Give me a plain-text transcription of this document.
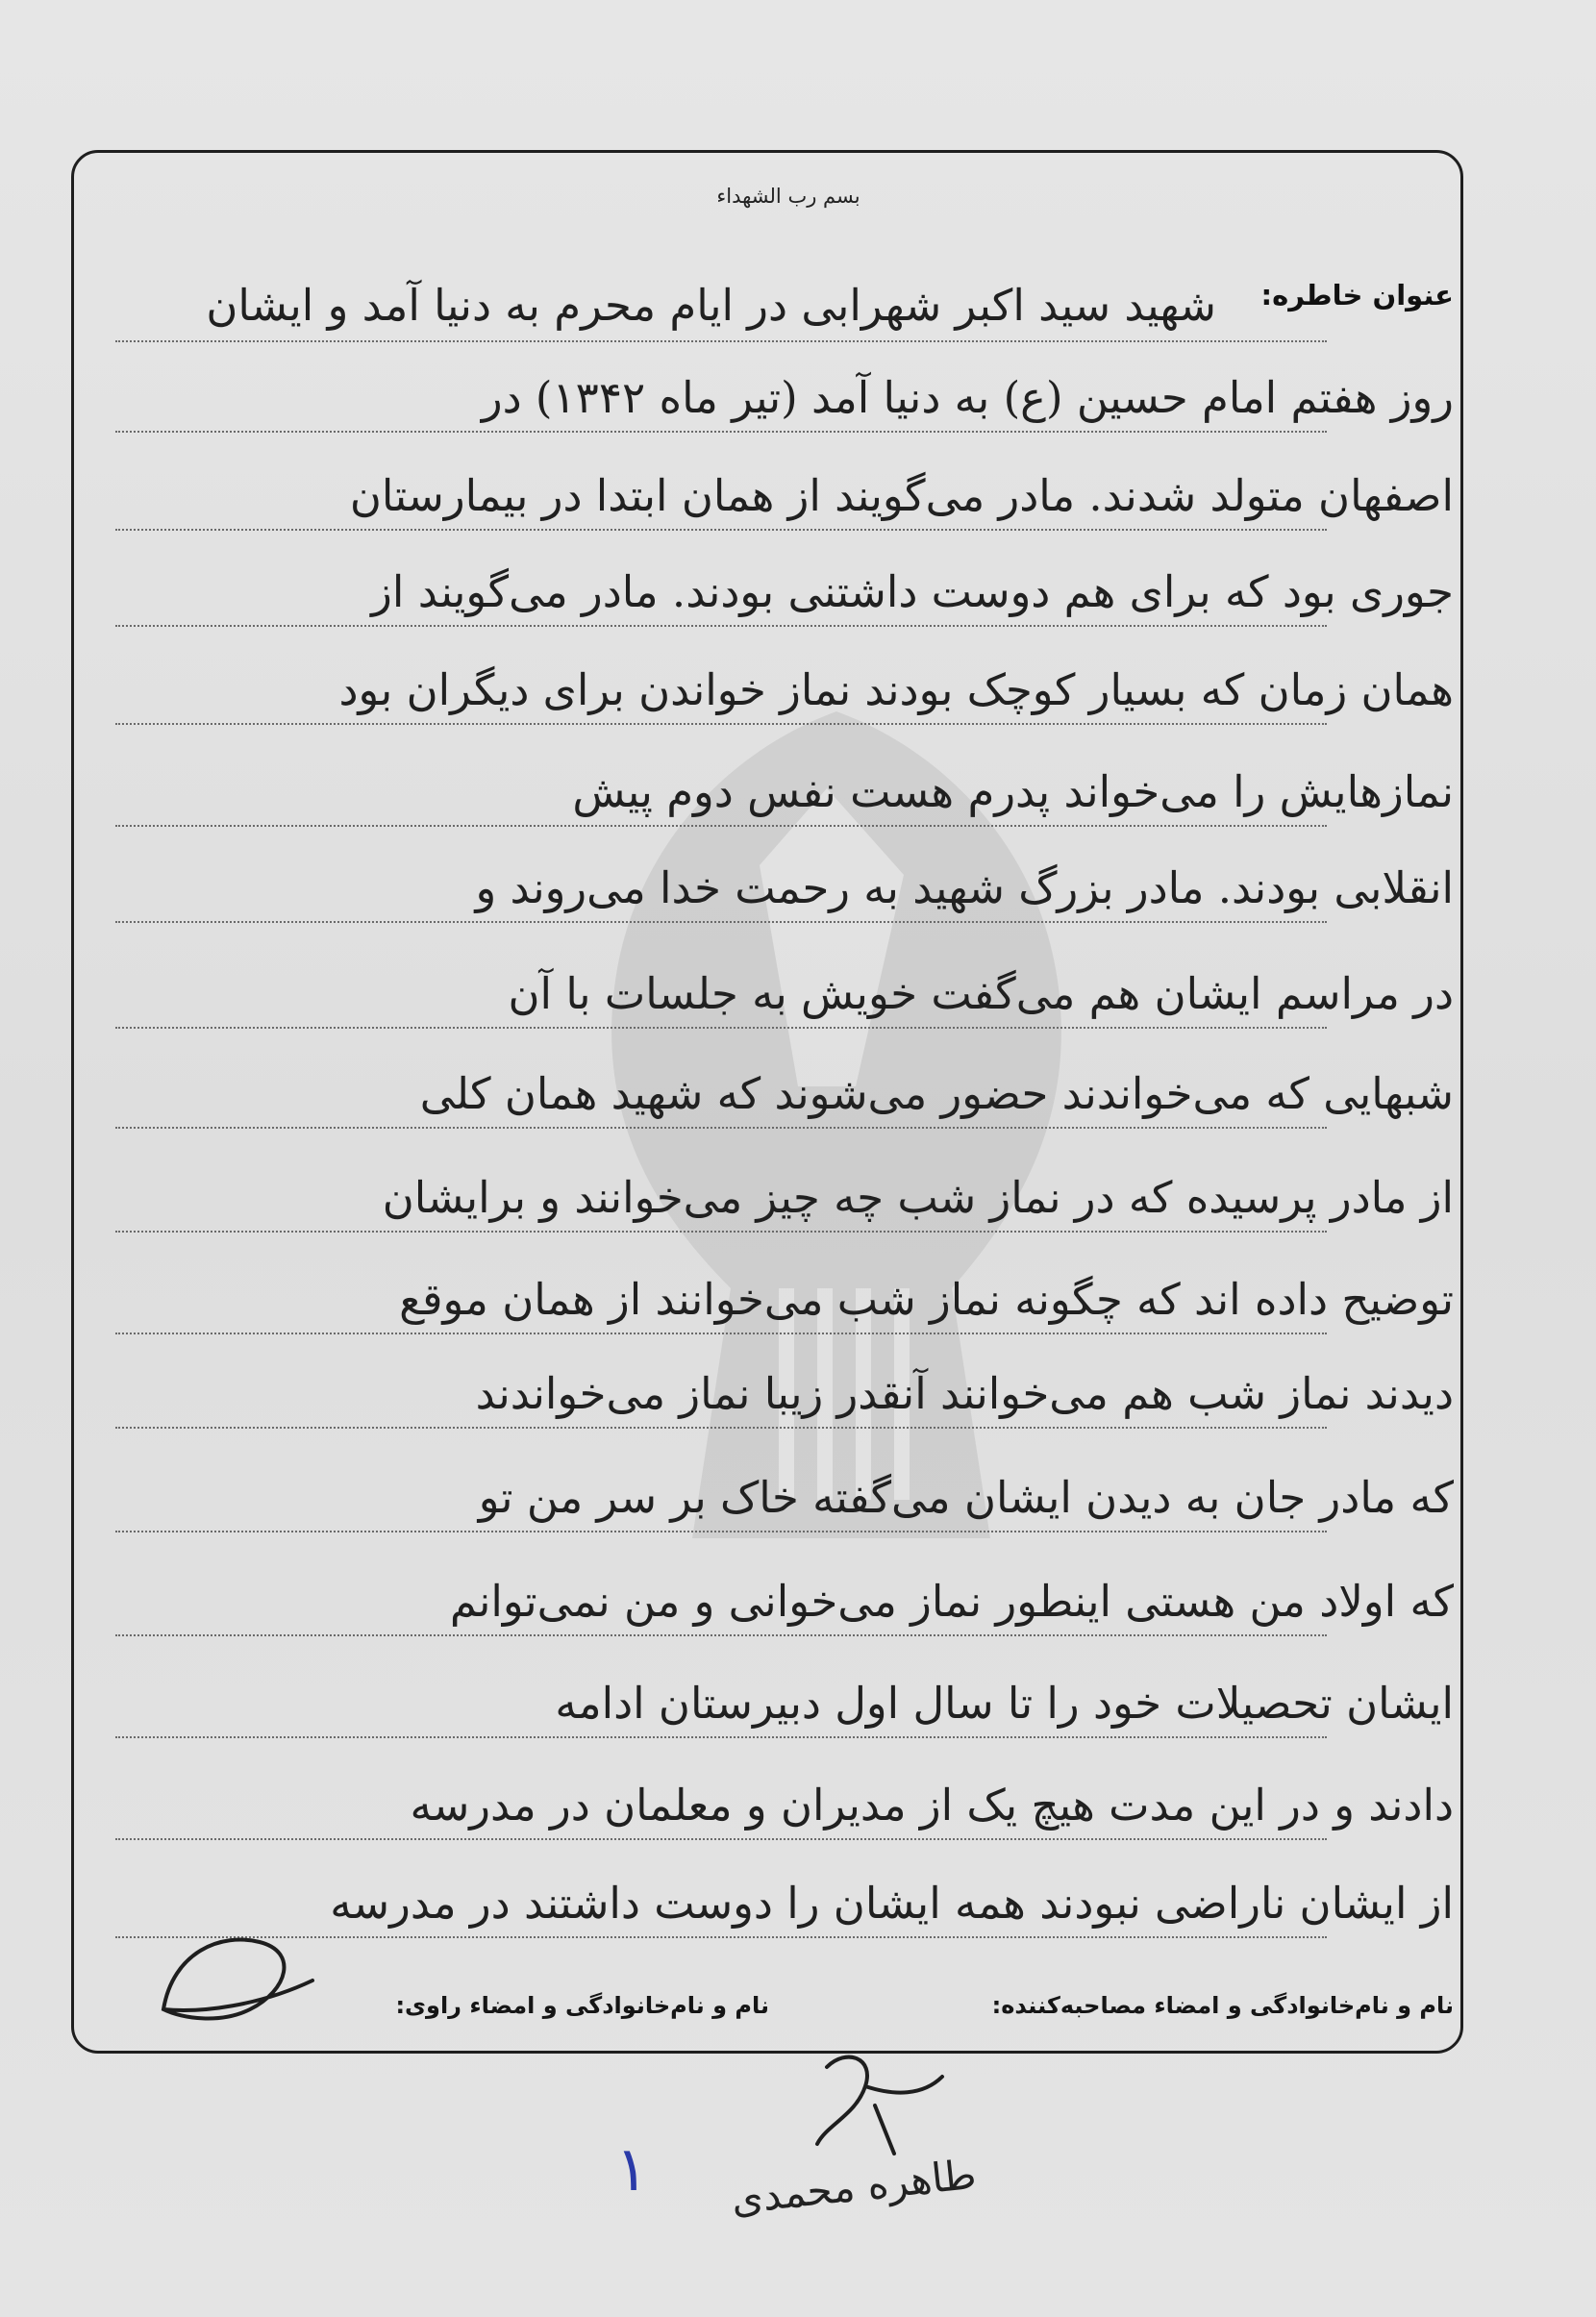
بسم رب الشهداء
عنوان خاطره:
شهید سید اکبر شهرابی در ایام محرم به دنیا آمد و ایشان
روز هفتم امام حسین (ع) به دنیا آمد (تیر ماه ۱۳۴۲) در
اصفهان متولد شدند. مادر می‌گویند از همان ابتدا در بیمارستان
جوری بود که برای هم دوست داشتنی بودند. مادر می‌گویند از
همان زمان که بسیار کوچک بودند نماز خواندن برای دیگران بود
نمازهایش را می‌خواند پدرم هست نفس دوم پیش
انقلابی بودند. مادر بزرگ شهید به رحمت خدا می‌روند و
در مراسم ایشان هم می‌گفت خویش به جلسات با آن
شبهایی که می‌خواندند حضور می‌شوند که شهید همان کلی
از مادر پرسیده که در نماز شب چه چیز می‌خوانند و برایشان
توضیح داده اند که چگونه نماز شب می‌خوانند از همان موقع
دیدند نماز شب هم می‌خوانند آنقدر زیبا نماز می‌خواندند
که مادر جان به دیدن ایشان می‌گفته خاک بر سر من تو
که اولاد من هستی اینطور نماز می‌خوانی و من نمی‌توانم
ایشان تحصیلات خود را تا سال اول دبیرستان ادامه
دادند و در این مدت هیچ یک از مدیران و معلمان در مدرسه
از ایشان ناراضی نبودند همه ایشان را دوست داشتند در مدرسه
نام و نام‌خانوادگی و امضاء مصاحبه‌کننده:
نام و نام‌خانوادگی و امضاء راوی:
طاهره محمدی
۱
